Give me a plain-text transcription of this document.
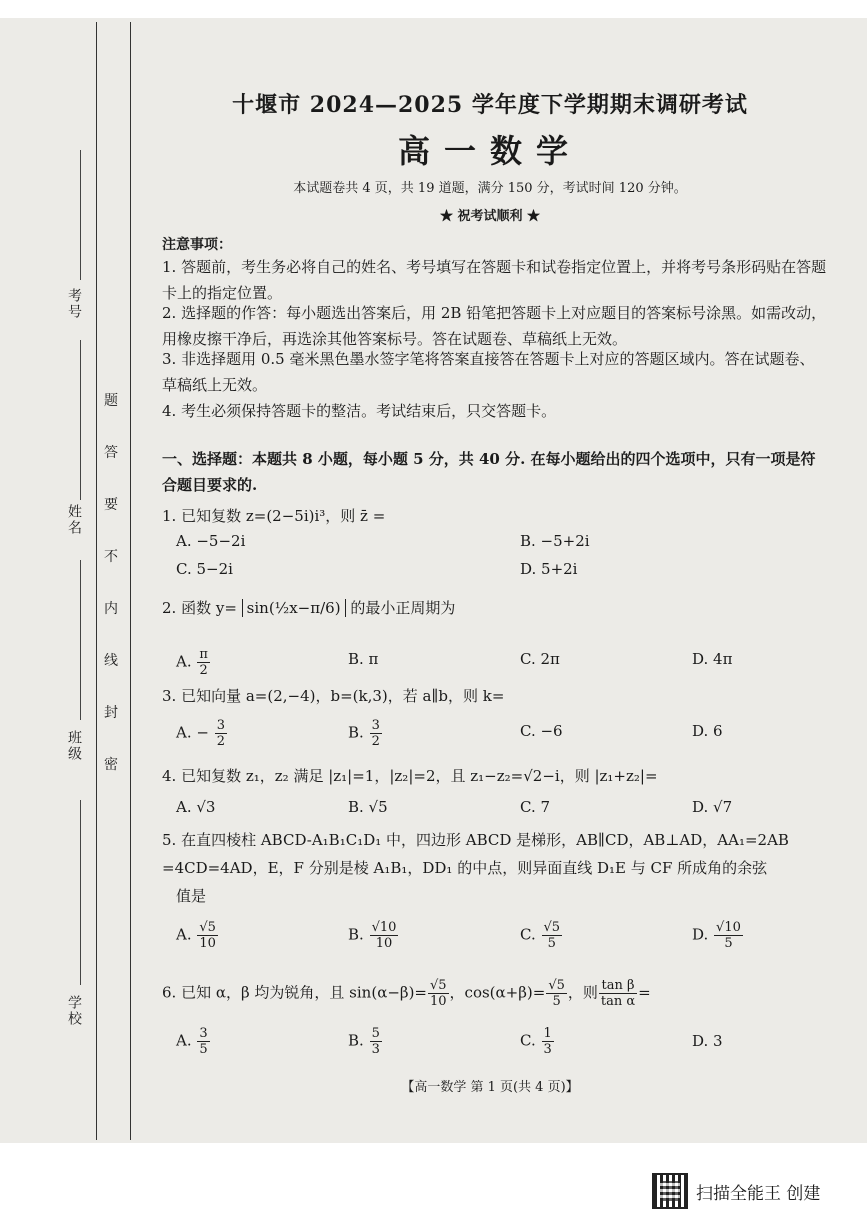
考号
姓名
班级
学校
题
答
要
不
内
线
封
密
十堰市 2024—2025 学年度下学期期末调研考试
高一数学
本试题卷共 4 页，共 19 道题，满分 150 分，考试时间 120 分钟。
★ 祝考试顺利 ★
注意事项：
1. 答题前，考生务必将自己的姓名、考号填写在答题卡和试卷指定位置上，并将考号条形码贴在答题卡上的指定位置。
2. 选择题的作答：每小题选出答案后，用 2B 铅笔把答题卡上对应题目的答案标号涂黑。如需改动，用橡皮擦干净后，再选涂其他答案标号。答在试题卷、草稿纸上无效。
3. 非选择题用 0.5 毫米黑色墨水签字笔将答案直接答在答题卡上对应的答题区域内。答在试题卷、草稿纸上无效。
4. 考生必须保持答题卡的整洁。考试结束后，只交答题卡。
一、选择题：本题共 8 小题，每小题 5 分，共 40 分. 在每小题给出的四个选项中，只有一项是符合题目要求的.
1. 已知复数 z=(2−5i)i³，则 z̄ =
A. −5−2i	B. −5+2i
C. 5−2i	D. 5+2i
2. 函数 y= sin(½x−π/6) 的最小正周期为
A. $\frac{\pi}{2}$	B. π	C. 2π	D. 4π
3. 已知向量 a=(2,−4)，b=(k,3)，若 a∥b，则 k=
A. − $\frac{3}{2}$	B. $\frac{3}{2}$	C. −6	D. 6
4. 已知复数 z₁，z₂ 满足 |z₁|=1，|z₂|=2，且 z₁−z₂=√2−i，则 |z₁+z₂|=
A. √3	B. √5	C. 7	D. √7
5. 在直四棱柱 ABCD-A₁B₁C₁D₁ 中，四边形 ABCD 是梯形，AB∥CD，AB⊥AD，AA₁=2AB
=4CD=4AD，E，F 分别是棱 A₁B₁，DD₁ 的中点，则异面直线 D₁E 与 CF 所成角的余弦
值是
A. $\frac{√5}{10}$	B. $\frac{√10}{10}$	C. $\frac{√5}{5}$	D. $\frac{√10}{5}$
6. 已知 α，β 均为锐角，且 $\sin(\alpha-\beta)= \frac{√5}{10}$ ，$\cos(\alpha+\beta)= \frac{√5}{5}$ ，则 $\frac{\text{tan β}}{\text{tan α}}$ =
A. $\frac{3}{5}$	B. $\frac{5}{3}$	C. $\frac{1}{3}$	D. 3
【高一数学 第 1 页(共 4 页)】
扫描全能王 创建
